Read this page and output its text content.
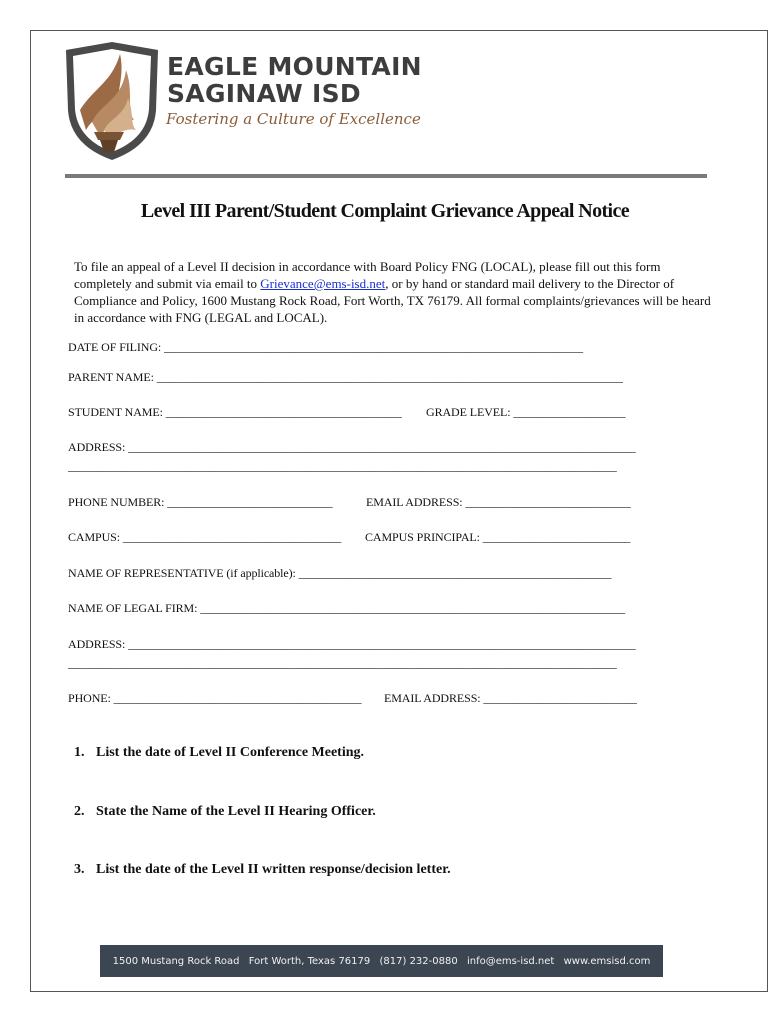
EAGLE MOUNTAIN
SAGINAW ISD
Fostering a Culture of Excellence
Level III Parent/Student Complaint Grievance Appeal Notice
To file an appeal of a Level II decision in accordance with Board Policy FNG (LOCAL), please fill out this form completely and submit via email to Grievance@ems-isd.net, or by hand or standard mail delivery to the Director of Compliance and Policy, 1600 Mustang Rock Road, Fort Worth, TX 76179. All formal complaints/grievances will be heard in accordance with FNG (LEGAL and LOCAL).
DATE OF FILING: _______________________________________________________________________
PARENT NAME: _______________________________________________________________________________
STUDENT NAME: ________________________________________ GRADE LEVEL: ___________________
ADDRESS: ______________________________________________________________________________________
_____________________________________________________________________________________________
PHONE NUMBER: ____________________________	EMAIL ADDRESS: ____________________________
CAMPUS: _____________________________________ CAMPUS PRINCIPAL: _________________________
NAME OF REPRESENTATIVE (if applicable): _____________________________________________________
NAME OF LEGAL FIRM: ________________________________________________________________________
ADDRESS: ______________________________________________________________________________________
_____________________________________________________________________________________________
PHONE: __________________________________________ EMAIL ADDRESS: __________________________
1. List the date of Level II Conference Meeting.
2. State the Name of the Level II Hearing Officer.
3. List the date of the Level II written response/decision letter.
1500 Mustang Rock Road Fort Worth, Texas 76179 (817) 232-0880 info@ems-isd.net www.emsisd.com
